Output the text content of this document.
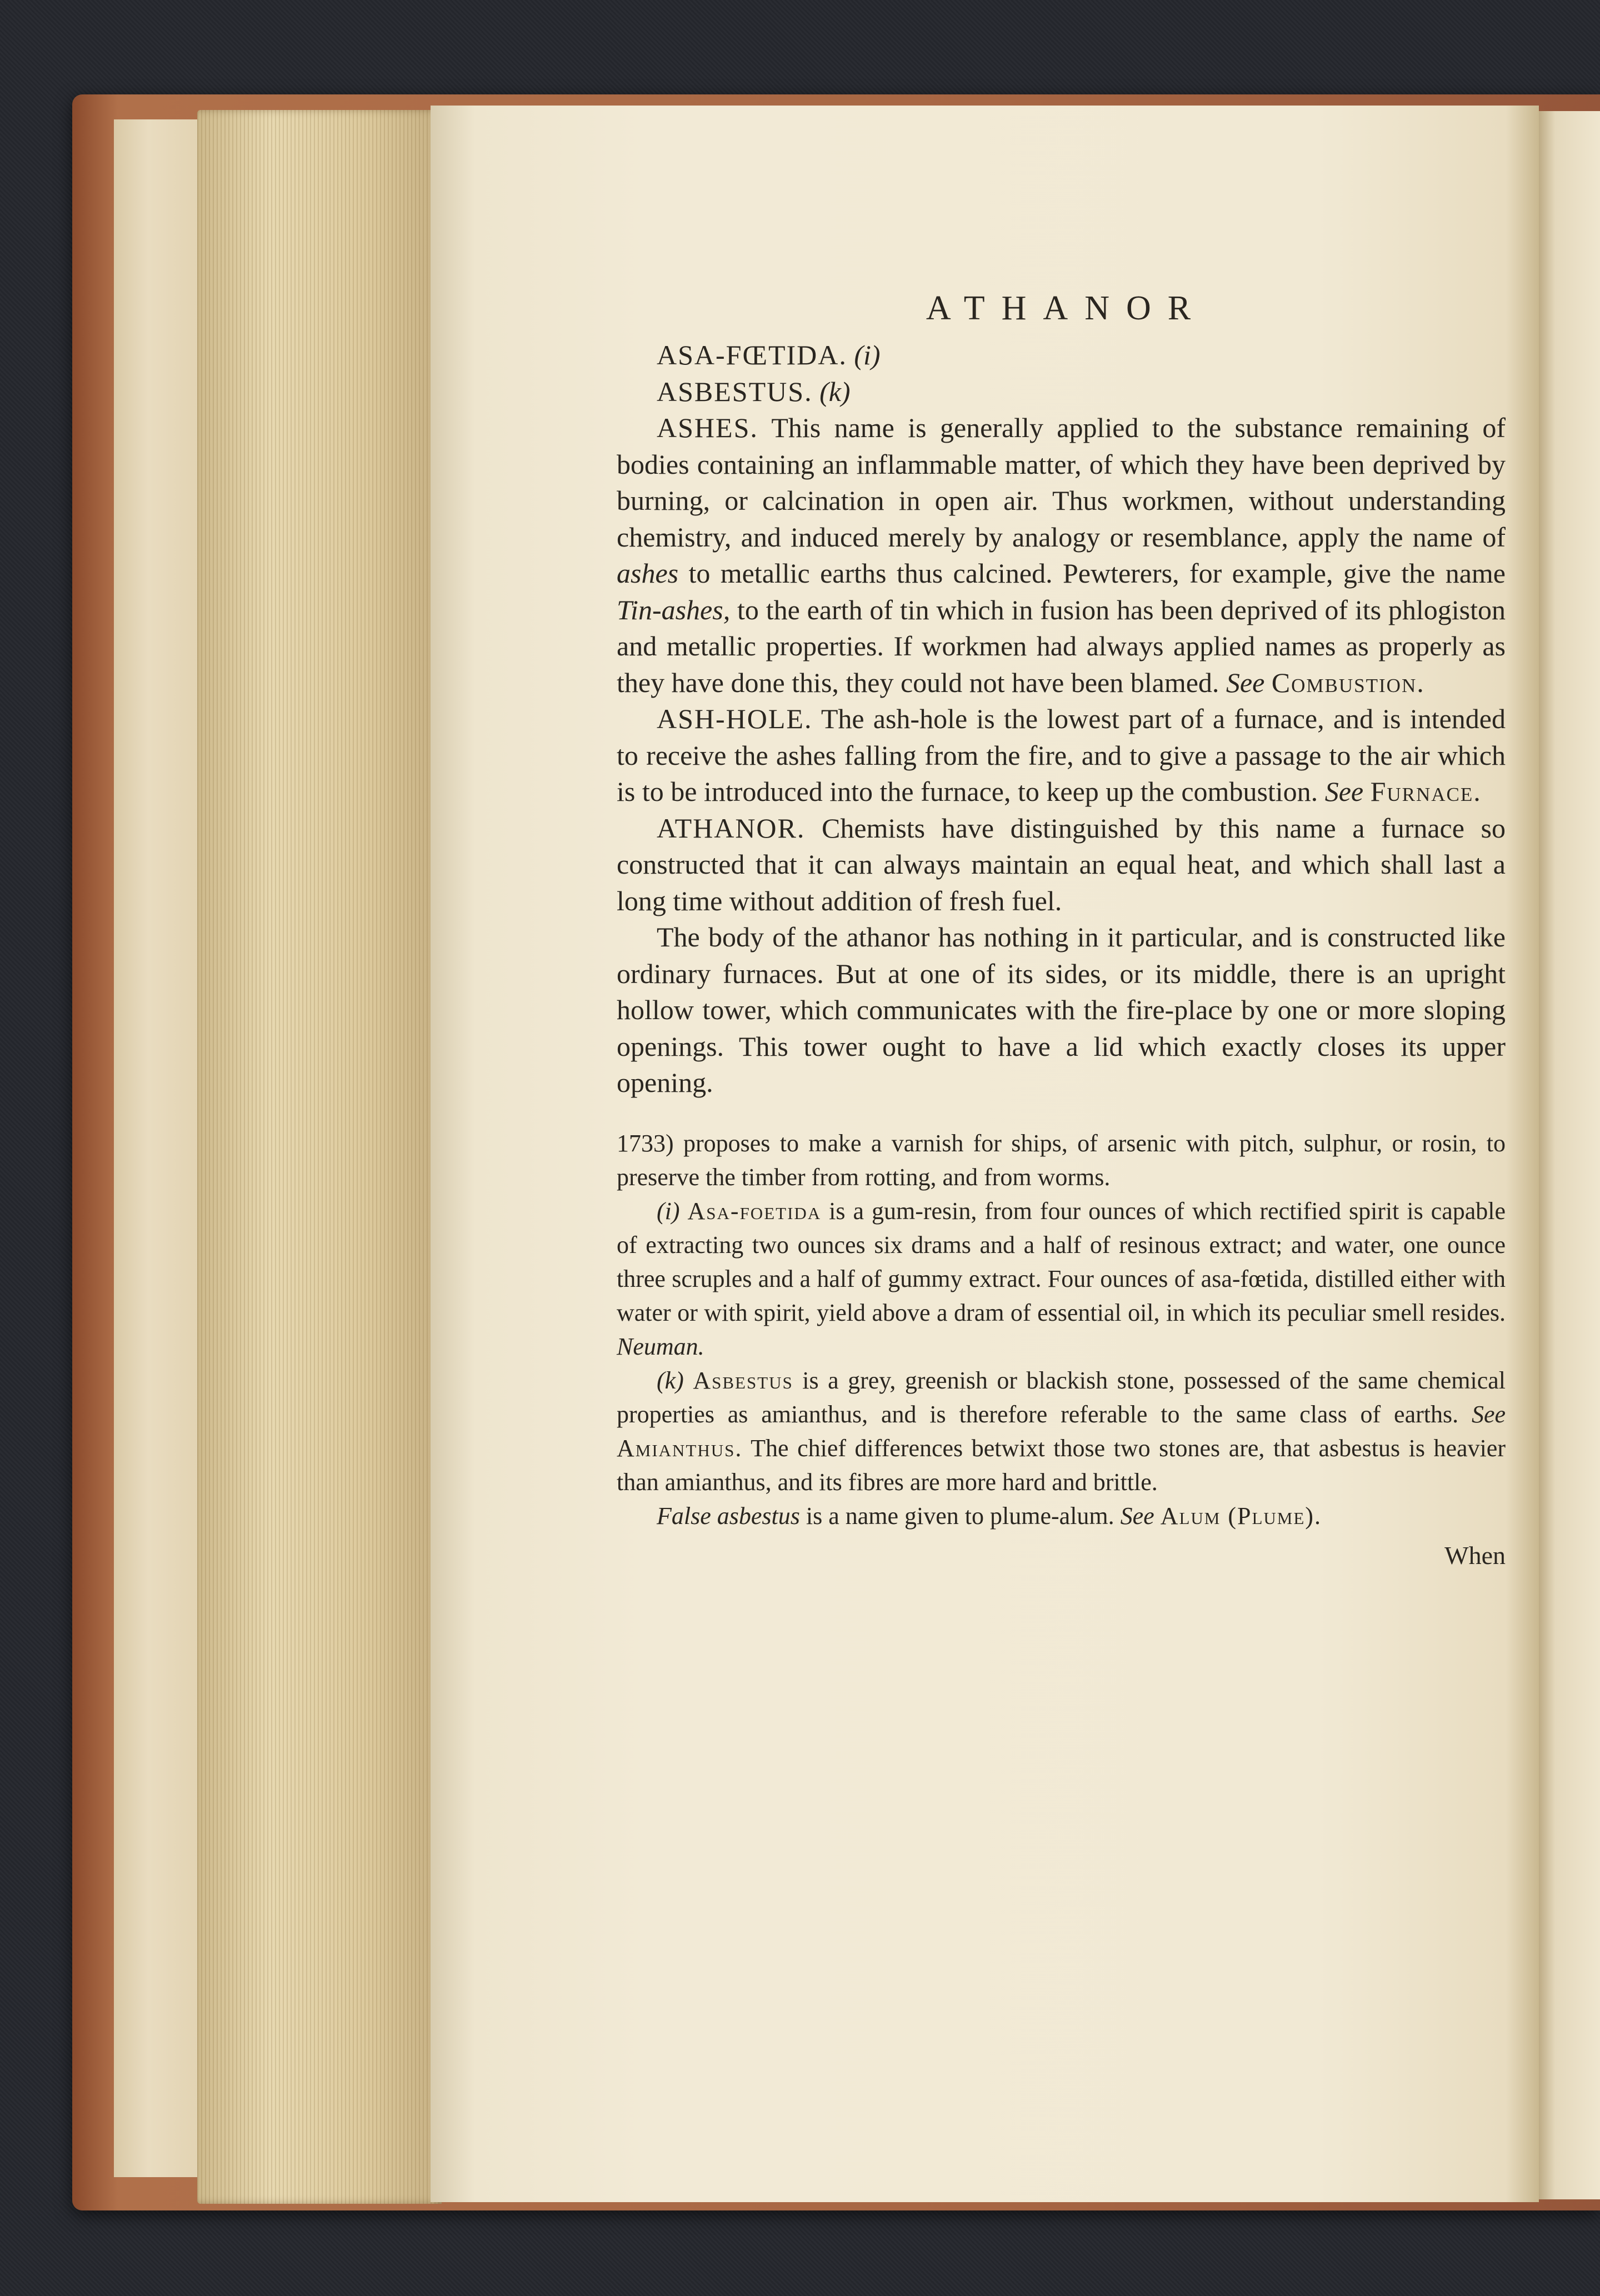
ATHANOR

ASA-FŒTIDA. (i)

ASBESTUS. (k)

ASHES. This name is generally applied to the substance remaining of bodies containing an inflammable matter, of which they have been deprived by burning, or calcination in open air. Thus workmen, without understanding chemistry, and induced merely by analogy or resemblance, apply the name of ashes to metallic earths thus calcined. Pewterers, for example, give the name Tin-ashes, to the earth of tin which in fusion has been deprived of its phlogiston and metallic properties. If workmen had always applied names as properly as they have done this, they could not have been blamed. See Combustion.

ASH-HOLE. The ash-hole is the lowest part of a furnace, and is intended to receive the ashes falling from the fire, and to give a passage to the air which is to be introduced into the furnace, to keep up the combustion. See Furnace.

ATHANOR. Chemists have distinguished by this name a furnace so constructed that it can always maintain an equal heat, and which shall last a long time without addition of fresh fuel.

The body of the athanor has nothing in it particular, and is constructed like ordinary furnaces. But at one of its sides, or its middle, there is an upright hollow tower, which communicates with the fire-place by one or more sloping openings. This tower ought to have a lid which exactly closes its upper opening.

1733) proposes to make a varnish for ships, of arsenic with pitch, sulphur, or rosin, to preserve the timber from rotting, and from worms.

(i) Asa-foetida is a gum-resin, from four ounces of which rectified spirit is capable of extracting two ounces six drams and a half of resinous extract; and water, one ounce three scruples and a half of gummy extract. Four ounces of asa-fœtida, distilled either with water or with spirit, yield above a dram of essential oil, in which its peculiar smell resides. Neuman.

(k) Asbestus is a grey, greenish or blackish stone, possessed of the same chemical properties as amianthus, and is therefore referable to the same class of earths. See Amianthus. The chief differences betwixt those two stones are, that asbestus is heavier than amianthus, and its fibres are more hard and brittle.

False asbestus is a name given to plume-alum. See Alum (Plume).

When
